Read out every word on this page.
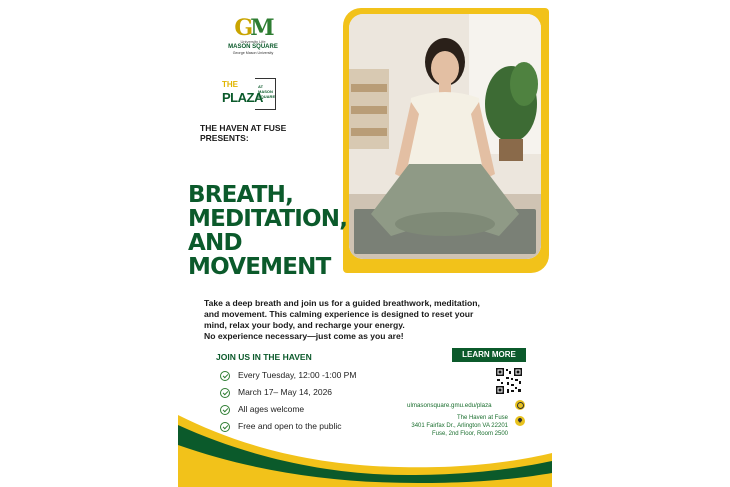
GM
University Life
MASON SQUARE
George Mason University
THE
PLAZA
AT
MASON
SQUARE
THE HAVEN AT FUSE PRESENTS:
BREATH,
MEDITATION,
AND
MOVEMENT
Take a deep breath and join us for a guided breathwork, meditation,
and movement. This calming experience is designed to reset your
mind, relax your body, and recharge your energy.
No experience necessary—just come as you are!
JOIN US IN THE HAVEN
Every Tuesday, 12:00 -1:00 PM
March 17– May 14, 2026
All ages welcome
Free and open to the public
LEARN MORE
ulmasonsquare.gmu.edu/plaza
The Haven at Fuse
3401 Fairfax Dr., Arlington VA 22201
Fuse, 2nd Floor, Room 2500
